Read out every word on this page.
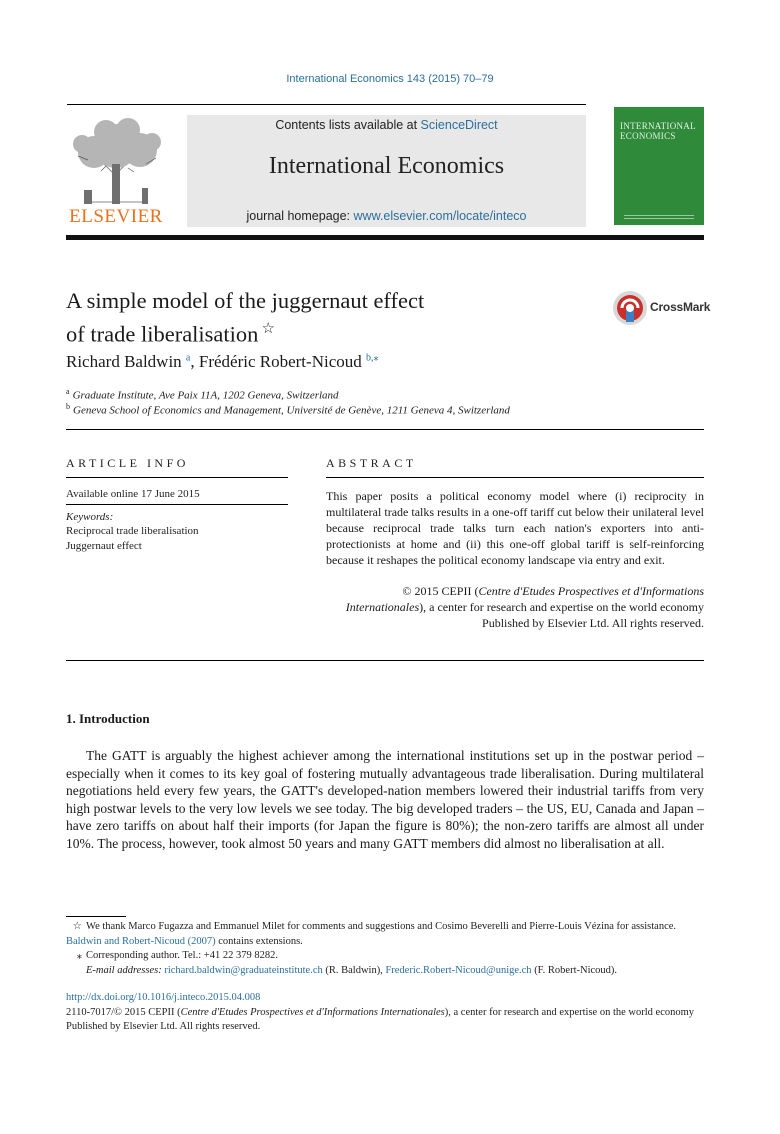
International Economics 143 (2015) 70–79
ELSEVIER
Contents lists available at ScienceDirect
International Economics
journal homepage: www.elsevier.com/locate/inteco
INTERNATIONAL ECONOMICS
A simple model of the juggernaut effect
of trade liberalisation ☆
CrossMark
Richard Baldwin $^a$, Frédéric Robert-Nicoud $^{b,⁎}$
$^a$ Graduate Institute, Ave Paix 11A, 1202 Geneva, Switzerland
$^b$ Geneva School of Economics and Management, Université de Genève, 1211 Geneva 4, Switzerland
ARTICLE INFO
Available online 17 June 2015
Keywords:
Reciprocal trade liberalisation
Juggernaut effect
ABSTRACT
This paper posits a political economy model where (i) reciprocity in multilateral trade talks results in a one-off tariff cut below their unilateral level because reciprocal trade talks turn each nation's exporters into anti-protectionists at home and (ii) this one-off global tariff is self-reinforcing because it reshapes the political economy landscape via entry and exit.
© 2015 CEPII (Centre d'Etudes Prospectives et d'Informations Internationales), a center for research and expertise on the world economy Published by Elsevier Ltd. All rights reserved.
1. Introduction
The GATT is arguably the highest achiever among the international institutions set up in the postwar period – especially when it comes to its key goal of fostering mutually advantageous trade liberalisation. During multilateral negotiations held every few years, the GATT's developed-nation members lowered their industrial tariffs from very high postwar levels to the very low levels we see today. The big developed traders – the US, EU, Canada and Japan – have zero tariffs on about half their imports (for Japan the figure is 80%); the non-zero tariffs are almost all under 10%. The process, however, took almost 50 years and many GATT members did almost no liberalisation at all.
☆ We thank Marco Fugazza and Emmanuel Milet for comments and suggestions and Cosimo Beverelli and Pierre-Louis Vézina for assistance. Baldwin and Robert-Nicoud (2007) contains extensions.
⁎ Corresponding author. Tel.: +41 22 379 8282.
E-mail addresses: richard.baldwin@graduateinstitute.ch (R. Baldwin), Frederic.Robert-Nicoud@unige.ch (F. Robert-Nicoud).
http://dx.doi.org/10.1016/j.inteco.2015.04.008
2110-7017/© 2015 CEPII (Centre d'Etudes Prospectives et d'Informations Internationales), a center for research and expertise on the world economy Published by Elsevier Ltd. All rights reserved.
